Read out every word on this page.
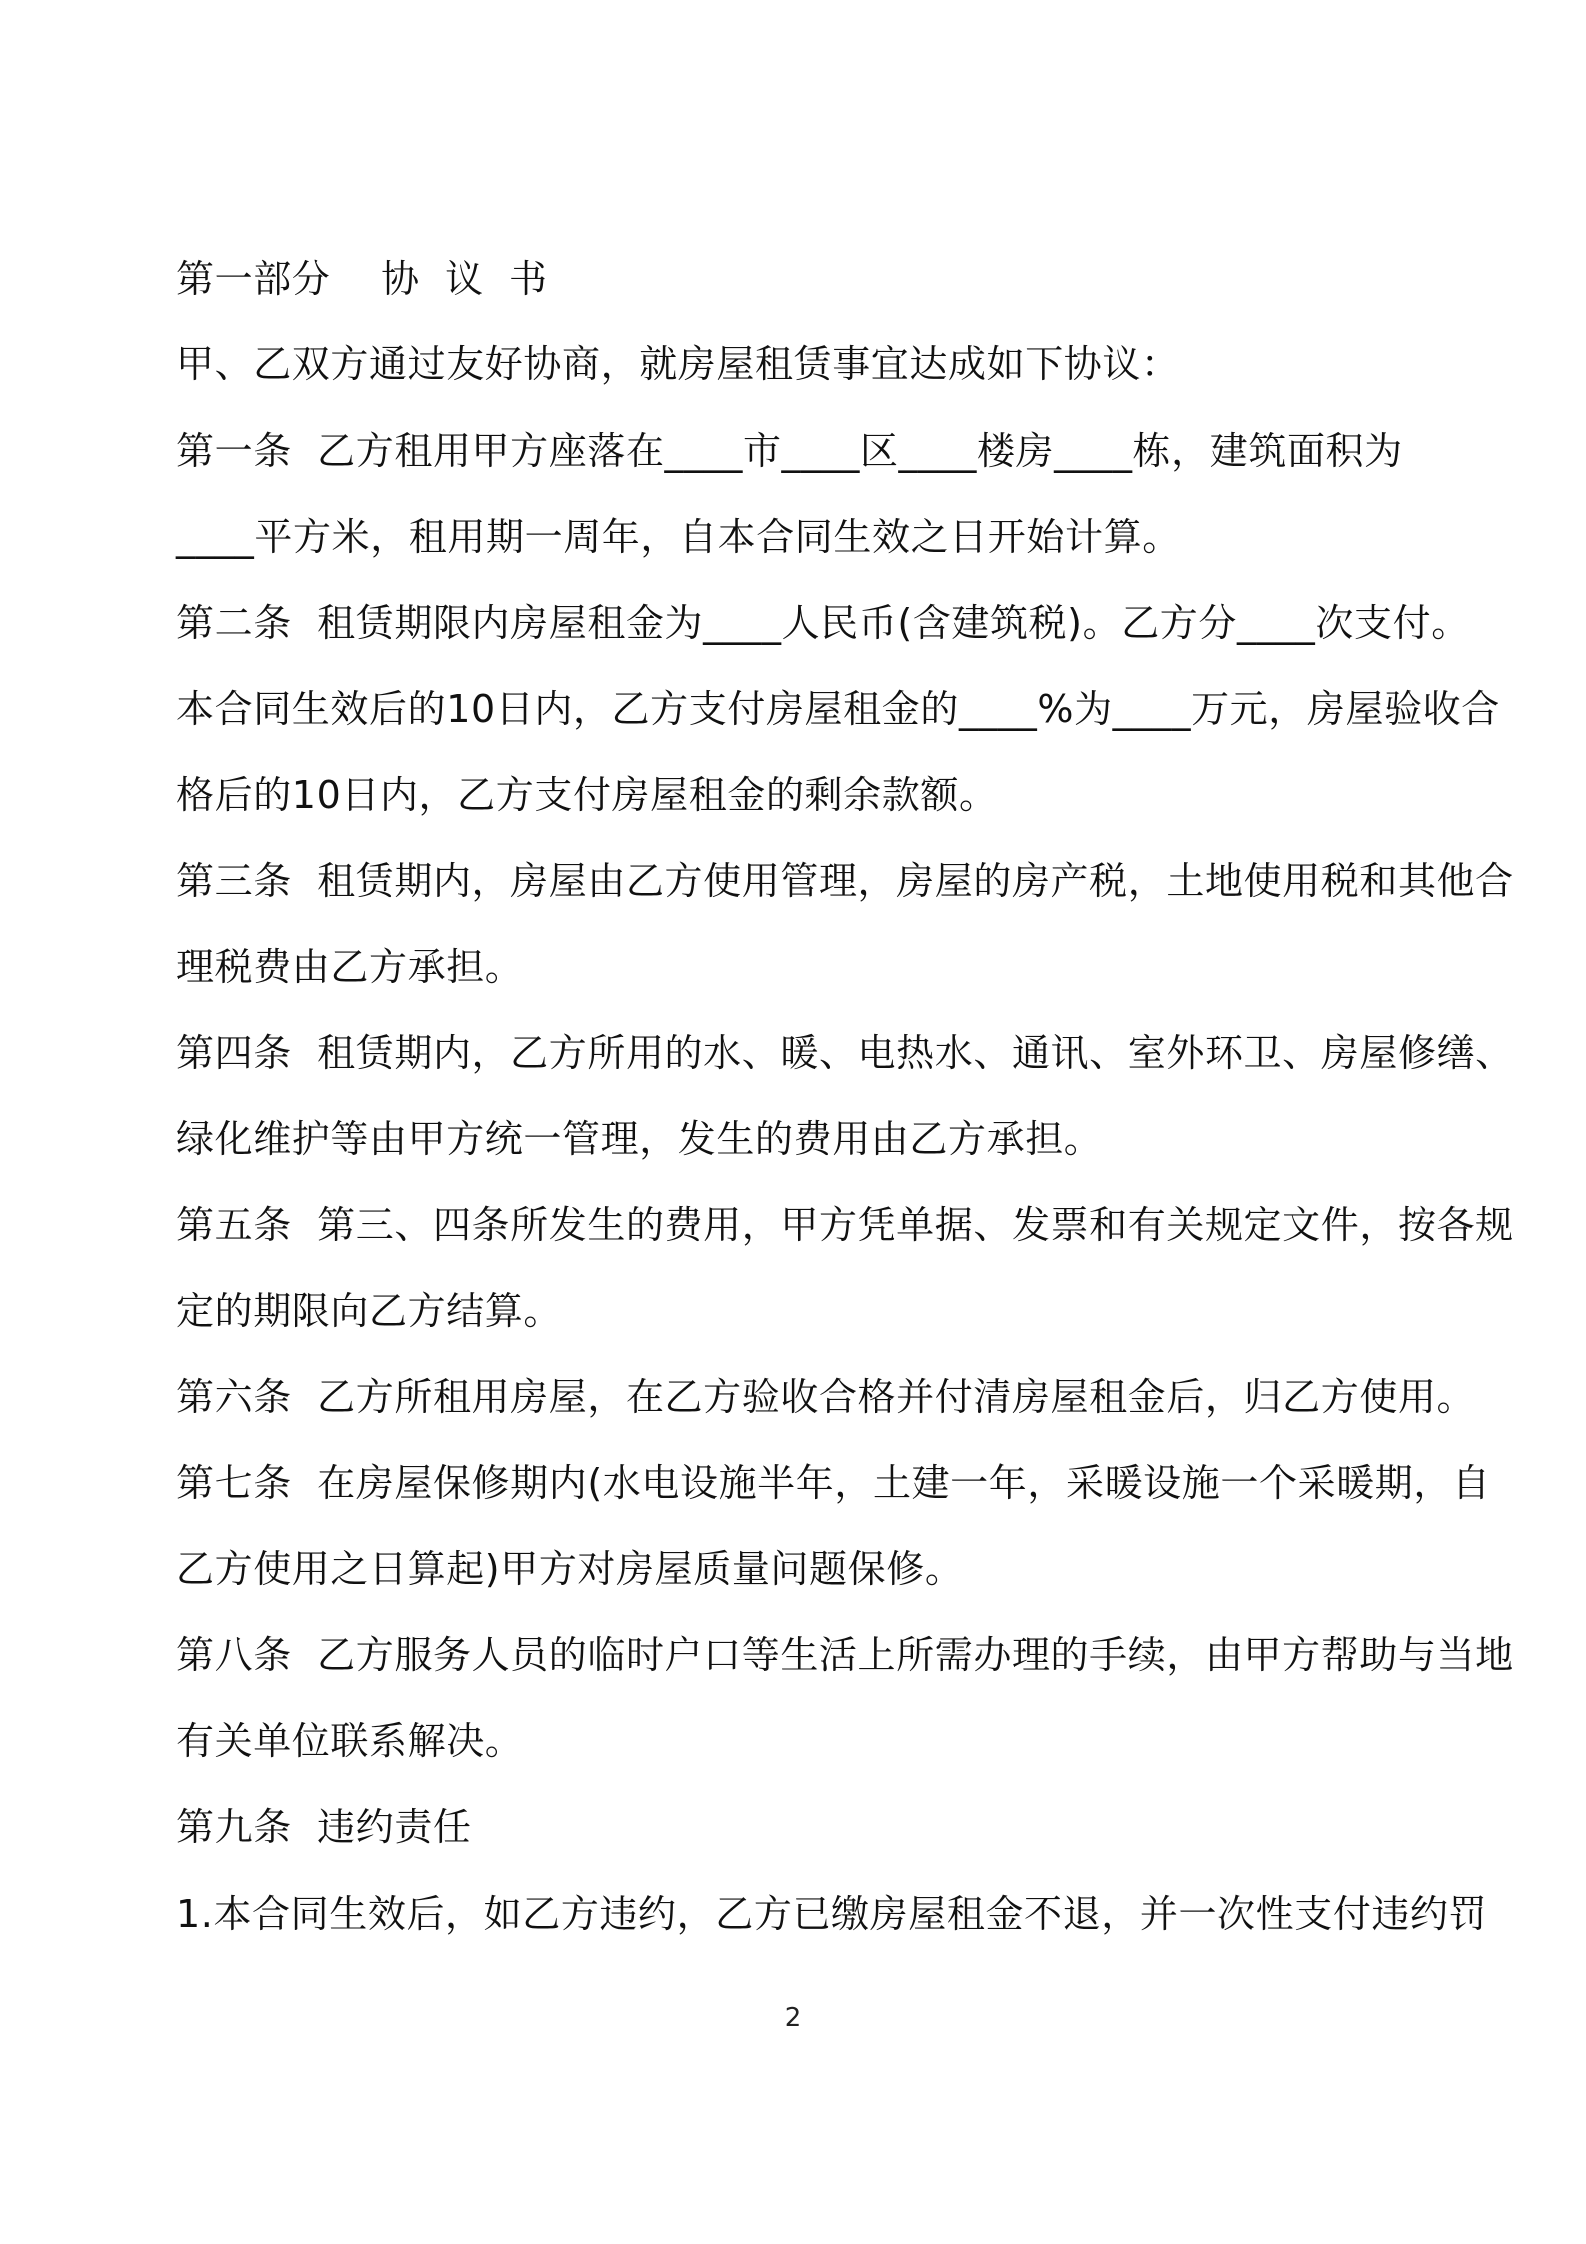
第一部分    协  议  书

甲、乙双方通过友好协商，就房屋租赁事宜达成如下协议：

第一条  乙方租用甲方座落在____市____区____楼房____栋，建筑面积为

____平方米，租用期一周年，自本合同生效之日开始计算。

第二条  租赁期限内房屋租金为____人民币(含建筑税)。乙方分____次支付。

本合同生效后的10日内，乙方支付房屋租金的____%为____万元，房屋验收合

格后的10日内，乙方支付房屋租金的剩余款额。

第三条  租赁期内，房屋由乙方使用管理，房屋的房产税，土地使用税和其他合

理税费由乙方承担。

第四条  租赁期内，乙方所用的水、暖、电热水、通讯、室外环卫、房屋修缮、

绿化维护等由甲方统一管理，发生的费用由乙方承担。

第五条  第三、四条所发生的费用，甲方凭单据、发票和有关规定文件，按各规

定的期限向乙方结算。

第六条  乙方所租用房屋，在乙方验收合格并付清房屋租金后，归乙方使用。

第七条  在房屋保修期内(水电设施半年，土建一年，采暖设施一个采暖期，自

乙方使用之日算起)甲方对房屋质量问题保修。

第八条  乙方服务人员的临时户口等生活上所需办理的手续，由甲方帮助与当地

有关单位联系解决。

第九条  违约责任

1.本合同生效后，如乙方违约，乙方已缴房屋租金不退，并一次性支付违约罚

2
